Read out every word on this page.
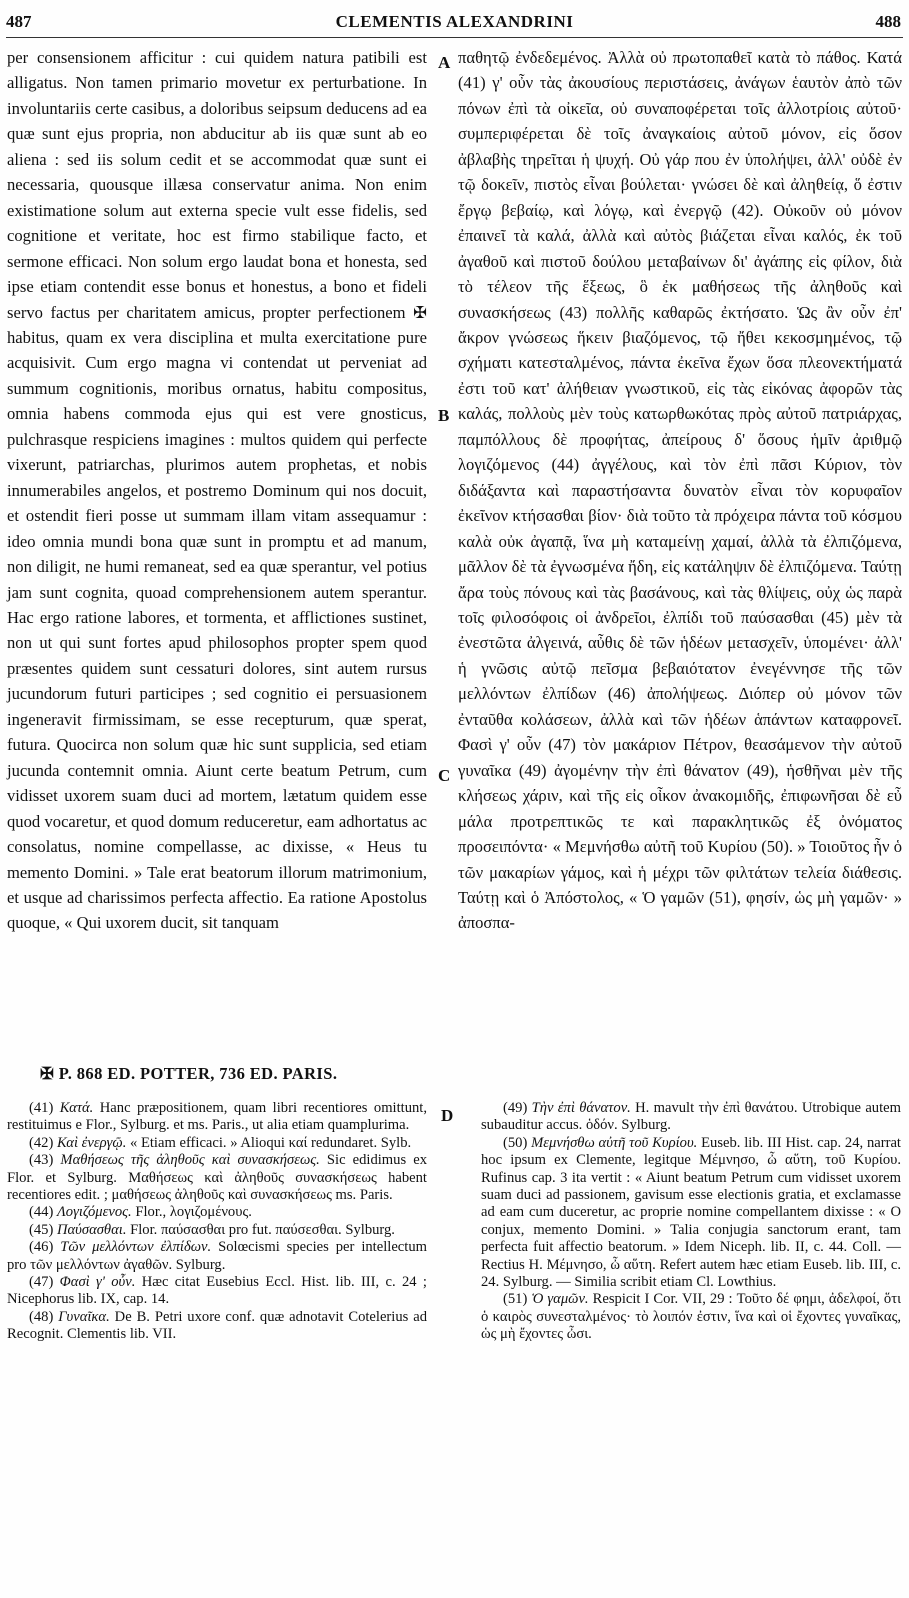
487	CLEMENTIS ALEXANDRINI	488

per consensionem afficitur : cui quidem natura patibili est alligatus. Non tamen primario movetur ex perturbatione. In involuntariis certe casibus, a doloribus seipsum deducens ad ea quæ sunt ejus propria, non abducitur ab iis quæ sunt ab eo aliena : sed iis solum cedit et se accommodat quæ sunt ei necessaria, quousque illæsa conservatur anima. Non enim existimatione solum aut externa specie vult esse fidelis, sed cognitione et veritate, hoc est firmo stabilique facto, et sermone efficaci. Non solum ergo laudat bona et honesta, sed ipse etiam contendit esse bonus et honestus, a bono et fideli servo factus per charitatem amicus, propter perfectionem ✠ habitus, quam ex vera disciplina et multa exercitatione pure acquisivit. Cum ergo magna vi contendat ut perveniat ad summum cognitionis, moribus ornatus, habitu compositus, omnia habens commoda ejus qui est vere gnosticus, pulchrasque respiciens imagines : multos quidem qui perfecte vixerunt, patriarchas, plurimos autem prophetas, et nobis innumerabiles angelos, et postremo Dominum qui nos docuit, et ostendit fieri posse ut summam illam vitam assequamur : ideo omnia mundi bona quæ sunt in promptu et ad manum, non diligit, ne humi remaneat, sed ea quæ sperantur, vel potius jam sunt cognita, quoad comprehensionem autem sperantur. Hac ergo ratione labores, et tormenta, et afflictiones sustinet, non ut qui sunt fortes apud philosophos propter spem quod præsentes quidem sunt cessaturi dolores, sint autem rursus jucundorum futuri participes ; sed cognitio ei persuasionem ingeneravit firmissimam, se esse recepturum, quæ sperat, futura. Quocirca non solum quæ hic sunt supplicia, sed etiam jucunda contemnit omnia. Aiunt certe beatum Petrum, cum vidisset uxorem suam duci ad mortem, lætatum quidem esse quod vocaretur, et quod domum reduceretur, eam adhortatus ac consolatus, nomine compellasse, ac dixisse, « Heus tu memento Domini. » Tale erat beatorum illorum matrimonium, et usque ad charissimos perfecta affectio. Ea ratione Apostolus quoque, « Qui uxorem ducit, sit tanquam

παθητῷ ἐνδεδεμένος. Ἀλλὰ οὐ πρωτοπαθεῖ κατὰ τὸ πάθος. Κατά (41) γ' οὖν τὰς ἀκουσίους περιστάσεις, ἀνάγων ἑαυτὸν ἀπὸ τῶν πόνων ἐπὶ τὰ οἰκεῖα, οὐ συναποφέρεται τοῖς ἀλλοτρίοις αὐτοῦ· συμπεριφέρεται δὲ τοῖς ἀναγκαίοις αὐτοῦ μόνον, εἰς ὅσον ἀβλαβὴς τηρεῖται ἡ ψυχή. Οὐ γάρ που ἐν ὑπολήψει, ἀλλ' οὐδὲ ἐν τῷ δοκεῖν, πιστὸς εἶναι βούλεται· γνώσει δὲ καὶ ἀληθείᾳ, ὅ ἐστιν ἔργῳ βεβαίῳ, καὶ λόγῳ, καὶ ἐνεργῷ (42). Οὐκοῦν οὐ μόνον ἐπαινεῖ τὰ καλά, ἀλλὰ καὶ αὐτὸς βιάζεται εἶναι καλός, ἐκ τοῦ ἀγαθοῦ καὶ πιστοῦ δούλου μεταβαίνων δι' ἀγάπης εἰς φίλον, διὰ τὸ τέλεον τῆς ἕξεως, ὃ ἐκ μαθήσεως τῆς ἀληθοῦς καὶ συνασκήσεως (43) πολλῆς καθαρῶς ἐκτήσατο. Ὡς ἂν οὖν ἐπ' ἄκρον γνώσεως ἥκειν βιαζόμενος, τῷ ἤθει κεκοσμημένος, τῷ σχήματι κατεσταλμένος, πάντα ἐκεῖνα ἔχων ὅσα πλεονεκτήματά ἐστι τοῦ κατ' ἀλήθειαν γνωστικοῦ, εἰς τὰς εἰκόνας ἀφορῶν τὰς καλάς, πολλοὺς μὲν τοὺς κατωρθωκότας πρὸς αὐτοῦ πατριάρχας, παμπόλλους δὲ προφήτας, ἀπείρους δ' ὅσους ἡμῖν ἀριθμῷ λογιζόμενος (44) ἀγγέλους, καὶ τὸν ἐπὶ πᾶσι Κύριον, τὸν διδάξαντα καὶ παραστήσαντα δυνατὸν εἶναι τὸν κορυφαῖον ἐκεῖνον κτήσασθαι βίον· διὰ τοῦτο τὰ πρόχειρα πάντα τοῦ κόσμου καλὰ οὐκ ἀγαπᾷ, ἵνα μὴ καταμείνῃ χαμαί, ἀλλὰ τὰ ἐλπιζόμενα, μᾶλλον δὲ τὰ ἐγνωσμένα ἤδη, εἰς κατάληψιν δὲ ἐλπιζόμενα. Ταύτῃ ἄρα τοὺς πόνους καὶ τὰς βασάνους, καὶ τὰς θλίψεις, οὐχ ὡς παρὰ τοῖς φιλοσόφοις οἱ ἀνδρεῖοι, ἐλπίδι τοῦ παύσασθαι (45) μὲν τὰ ἐνεστῶτα ἀλγεινά, αὖθις δὲ τῶν ἡδέων μετασχεῖν, ὑπομένει· ἀλλ' ἡ γνῶσις αὐτῷ πεῖσμα βεβαιότατον ἐνεγέννησε τῆς τῶν μελλόντων ἐλπίδων (46) ἀπολήψεως. Διόπερ οὐ μόνον τῶν ἐνταῦθα κολάσεων, ἀλλὰ καὶ τῶν ἡδέων ἁπάντων καταφρονεῖ. Φασὶ γ' οὖν (47) τὸν μακάριον Πέτρον, θεασάμενον τὴν αὐτοῦ γυναῖκα (49) ἀγομένην τὴν ἐπὶ θάνατον (49), ἡσθῆναι μὲν τῆς κλήσεως χάριν, καὶ τῆς εἰς οἶκον ἀνακομιδῆς, ἐπιφωνῆσαι δὲ εὖ μάλα προτρεπτικῶς τε καὶ παρακλητικῶς ἐξ ὀνόματος προσειπόντα· « Μεμνήσθω αὐτῆ τοῦ Κυρίου (50). » Τοιοῦτος ἦν ὁ τῶν μακαρίων γάμος, καὶ ἡ μέχρι τῶν φιλτάτων τελεία διάθεσις. Ταύτῃ καὶ ὁ Ἀπόστολος, « Ὁ γαμῶν (51), φησίν, ὡς μὴ γαμῶν· » ἀποσπα-

A
B
C
D
✠ P. 868 ED. POTTER, 736 ED. PARIS.

(41) Κατά. Hanc præpositionem, quam libri recentiores omittunt, restituimus e Flor., Sylburg. et ms. Paris., ut alia etiam quamplurima.

(42) Καὶ ἐνεργῷ. « Etiam efficaci. » Alioqui καί redundaret. Sylb.

(43) Μαθήσεως τῆς ἀληθοῦς καὶ συνασκήσεως. Sic edidimus ex Flor. et Sylburg. Μαθήσεως καὶ ἀληθοῦς συνασκήσεως habent recentiores edit. ; μαθήσεως ἀληθοῦς καὶ συνασκήσεως ms. Paris.

(44) Λογιζόμενος. Flor., λογιζομένους.

(45) Παύσασθαι. Flor. παύσασθαι pro fut. παύσεσθαι. Sylburg.

(46) Τῶν μελλόντων ἐλπίδων. Solœcismi species per intellectum pro τῶν μελλόντων ἀγαθῶν. Sylburg.

(47) Φασὶ γ' οὖν. Hæc citat Eusebius Eccl. Hist. lib. III, c. 24 ; Nicephorus lib. IX, cap. 14.

(48) Γυναῖκα. De B. Petri uxore conf. quæ adnotavit Cotelerius ad Recognit. Clementis lib. VII.

(49) Τὴν ἐπὶ θάνατον. H. mavult τὴν ἐπὶ θανάτου. Utrobique autem subauditur accus. ὁδόν. Sylburg.

(50) Μεμνήσθω αὐτῆ τοῦ Κυρίου. Euseb. lib. III Hist. cap. 24, narrat hoc ipsum ex Clemente, legitque Μέμνησο, ὦ αὕτη, τοῦ Κυρίου. Rufinus cap. 3 ita vertit : « Aiunt beatum Petrum cum vidisset uxorem suam duci ad passionem, gavisum esse electionis gratia, et exclamasse ad eam cum duceretur, ac proprie nomine compellantem dixisse : « O conjux, memento Domini. » Talia conjugia sanctorum erant, tam perfecta fuit affectio beatorum. » Idem Niceph. lib. II, c. 44. Coll. — Rectius H. Μέμνησο, ὦ αὕτη. Refert autem hæc etiam Euseb. lib. III, c. 24. Sylburg. — Similia scribit etiam Cl. Lowthius.

(51) Ὁ γαμῶν. Respicit I Cor. VII, 29 : Τοῦτο δέ φημι, ἀδελφοί, ὅτι ὁ καιρὸς συνεσταλμένος· τὸ λοιπόν ἐστιν, ἵνα καὶ οἱ ἔχοντες γυναῖκας, ὡς μὴ ἔχοντες ὦσι.
